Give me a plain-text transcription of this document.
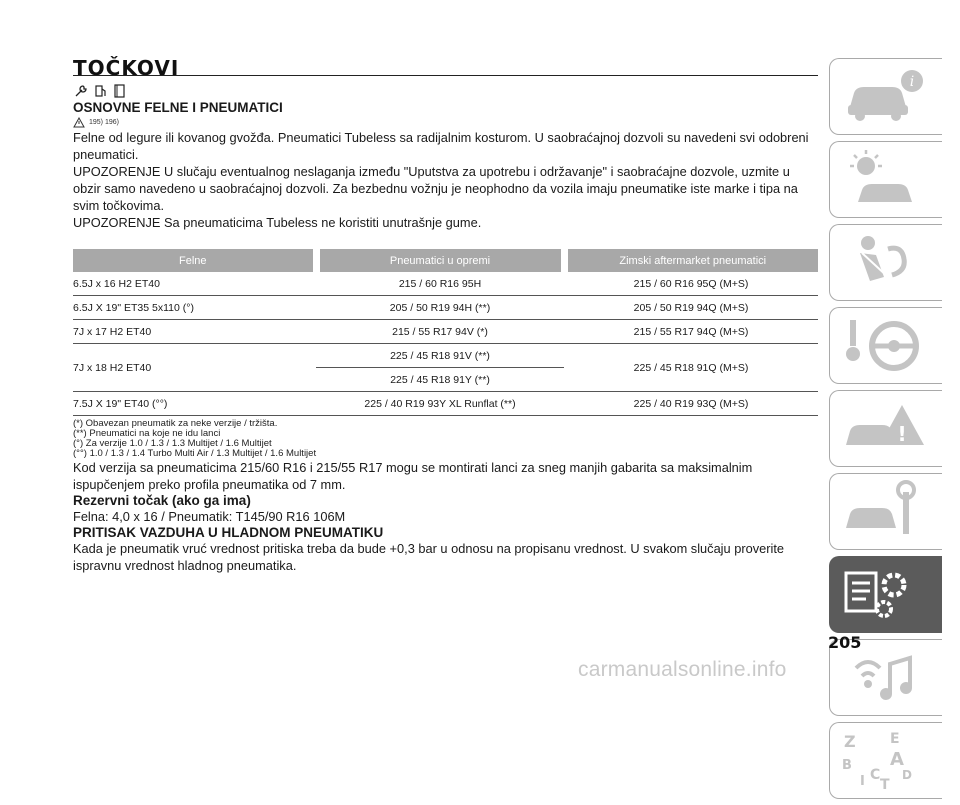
TOČKOVI
OSNOVNE FELNE I PNEUMATICI
195) 196)

Felne od legure ili kovanog gvožđa. Pneumatici Tubeless sa radijalnim kosturom. U saobraćajnoj dozvoli su navedeni svi odobreni pneumatici.

UPOZORENJE U slučaju eventualnog neslaganja između "Uputstva za upotrebu i održavanje" i saobraćajne dozvole, uzmite u obzir samo navedeno u saobraćajnoj dozvoli. Za bezbednu vožnju je neophodno da vozila imaju pneumatike iste marke i tipa na svim točkovima.

UPOZORENJE Sa pneumaticima Tubeless ne koristiti unutrašnje gume.

Felne	Pneumatici u opremi	Zimski aftermarket pneumatici
6.5J x 16 H2 ET40	215 / 60 R16 95H	215 / 60 R16 95Q (M+S)
6.5J X 19" ET35 5x110 (°)	205 / 50 R19 94H (**)	205 / 50 R19 94Q (M+S)
7J x 17 H2 ET40	215 / 55 R17 94V (*)	215 / 55 R17 94Q (M+S)
7J x 18 H2 ET40	225 / 45 R18 91V (**)	225 / 45 R18 91Q (M+S)
	225 / 45 R18 91Y (**)	
7.5J X 19" ET40 (°°)	225 / 40 R19 93Y XL Runflat (**)	225 / 40 R19 93Q (M+S)
(*) Obavezan pneumatik za neke verzije / tržišta.
(**) Pneumatici na koje ne idu lanci
(°) Za verzije 1.0 / 1.3 / 1.3 Multijet / 1.6 Multijet
(°°) 1.0 / 1.3 / 1.4 Turbo Multi Air / 1.3 Multijet / 1.6 Multijet

Kod verzija sa pneumaticima 215/60 R16 i 215/55 R17 mogu se montirati lanci za sneg manjih gabarita sa maksimalnim ispupčenjem preko profila pneumatika od 7 mm.

Rezervni točak (ako ga ima)

Felna: 4,0 x 16 / Pneumatik: T145/90 R16 106M

PRITISAK VAZDUHA U HLADNOM PNEUMATIKU

Kada je pneumatik vruć vrednost pritiska treba da bude +0,3 bar u odnosu na propisanu vrednost. U svakom slučaju proverite ispravnu vrednost hladnog pneumatika.

i
!
Z E
B A
I C D
T
205
carmanualsonline.info
